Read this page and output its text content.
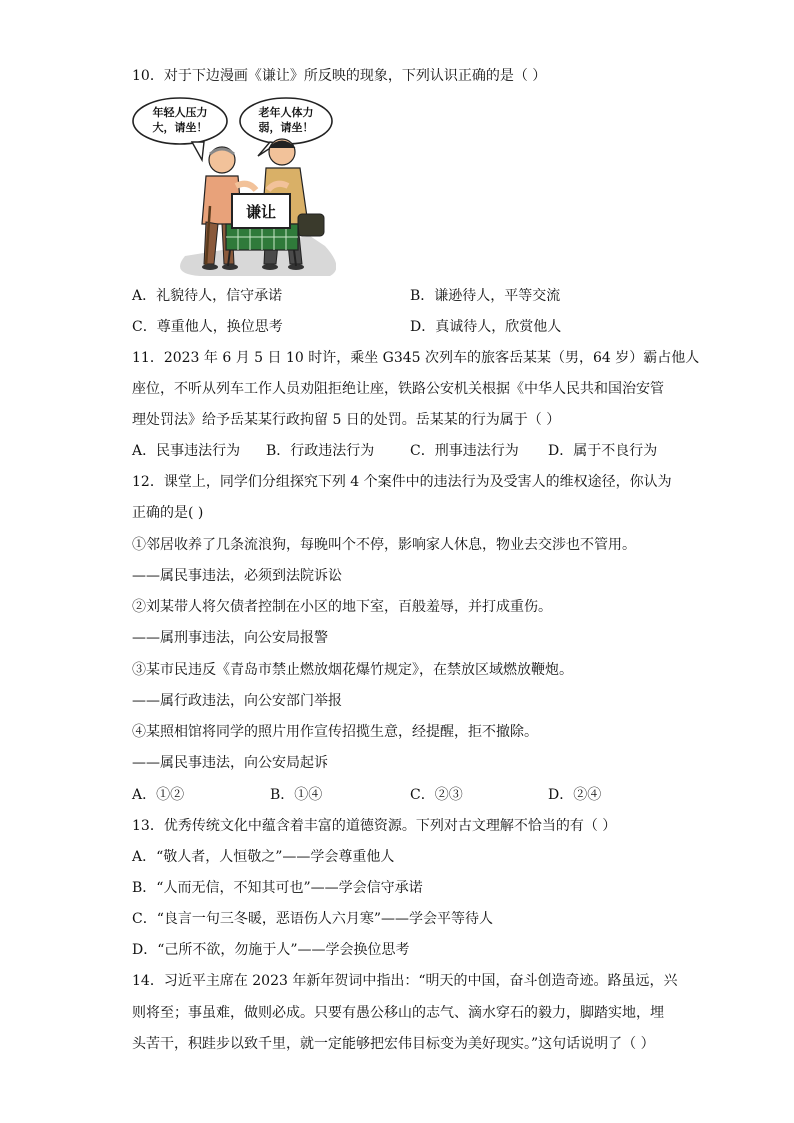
10．对于下边漫画《谦让》所反映的现象，下列认识正确的是（ ）
年轻人压力
大，请坐！
老年人体力
弱，请坐！
谦让
A．礼貌待人，信守承诺	B．谦逊待人，平等交流
C．尊重他人，换位思考	D．真诚待人，欣赏他人
11．2023 年 6 月 5 日 10 时许，乘坐 G345 次列车的旅客岳某某（男，64 岁）霸占他人
座位，不听从列车工作人员劝阻拒绝让座，铁路公安机关根据《中华人民共和国治安管
理处罚法》给予岳某某行政拘留 5 日的处罚。岳某某的行为属于（ ）
A．民事违法行为 B．行政违法行为	C．刑事违法行为 D．属于不良行为
12．课堂上，同学们分组探究下列 4 个案件中的违法行为及受害人的维权途径，你认为
正确的是( )
①邻居收养了几条流浪狗，每晚叫个不停，影响家人休息，物业去交涉也不管用。
——属民事违法，必须到法院诉讼
②刘某带人将欠债者控制在小区的地下室，百般羞辱，并打成重伤。
——属刑事违法，向公安局报警
③某市民违反《青岛市禁止燃放烟花爆竹规定》，在禁放区域燃放鞭炮。
——属行政违法，向公安部门举报
④某照相馆将同学的照片用作宣传招揽生意，经提醒，拒不撤除。
——属民事违法，向公安局起诉
A．①②	B．①④	C．②③	D．②④
13．优秀传统文化中蕴含着丰富的道德资源。下列对古文理解不恰当的有（ ）
A．“敬人者，人恒敬之”——学会尊重他人
B．“人而无信，不知其可也”——学会信守承诺
C．“良言一句三冬暖，恶语伤人六月寒”——学会平等待人
D．“己所不欲，勿施于人”——学会换位思考
14．习近平主席在 2023 年新年贺词中指出：“明天的中国，奋斗创造奇迹。路虽远，兴
则将至；事虽难，做则必成。只要有愚公移山的志气、滴水穿石的毅力，脚踏实地，埋
头苦干，积跬步以致千里，就一定能够把宏伟目标变为美好现实。”这句话说明了（ ）
